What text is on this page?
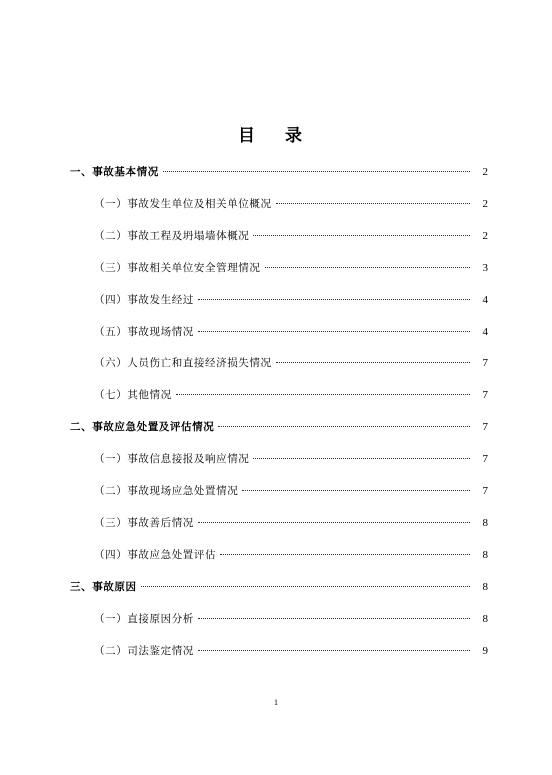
目 录
一、事故基本情况	2
（一）事故发生单位及相关单位概况	2
（二）事故工程及坍塌墙体概况	2
（三）事故相关单位安全管理情况	3
（四）事故发生经过	4
（五）事故现场情况	4
（六）人员伤亡和直接经济损失情况	7
（七）其他情况	7
二、事故应急处置及评估情况	7
（一）事故信息接报及响应情况	7
（二）事故现场应急处置情况	7
（三）事故善后情况	8
（四）事故应急处置评估	8
三、事故原因	8
（一）直接原因分析	8
（二）司法鉴定情况	9
1
